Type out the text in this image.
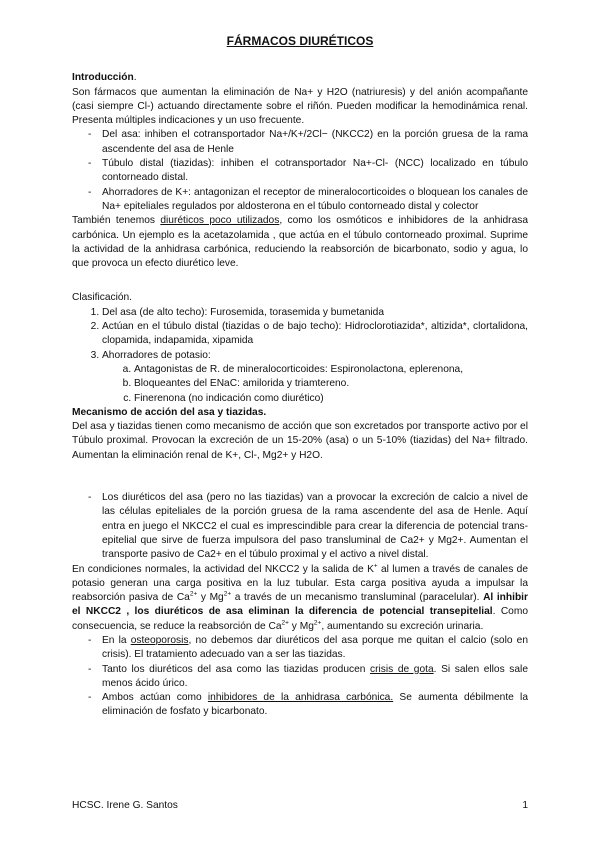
FÁRMACOS DIURÉTICOS

Introducción.

Son fármacos que aumentan la eliminación de Na+ y H2O (natriuresis) y del anión acompañante (casi siempre Cl-) actuando directamente sobre el riñón. Pueden modificar la hemodinámica renal. Presenta múltiples indicaciones y un uso frecuente.

- Del asa: inhiben el cotransportador Na+/K+/2Cl− (NKCC2) en la porción gruesa de la rama ascendente del asa de Henle
- Túbulo distal (tiazidas): inhiben el cotransportador Na+-Cl- (NCC) localizado en túbulo contorneado distal.
- Ahorradores de K+: antagonizan el receptor de mineralocorticoides o bloquean los canales de Na+ epiteliales regulados por aldosterona en el túbulo contorneado distal y colector

También tenemos diuréticos poco utilizados, como los osmóticos e inhibidores de la anhidrasa carbónica. Un ejemplo es la acetazolamida , que actúa en el túbulo contorneado proximal. Suprime la actividad de la anhidrasa carbónica, reduciendo la reabsorción de bicarbonato, sodio y agua, lo que provoca un efecto diurético leve.

Clasificación.

1. Del asa (de alto techo): Furosemida, torasemida y bumetanida
2. Actúan en el túbulo distal (tiazidas o de bajo techo): Hidroclorotiazida*, altizida*, clortalidona, clopamida, indapamida, xipamida
3. Ahorradores de potasio:
a. Antagonistas de R. de mineralocorticoides: Espironolactona, eplerenona,
b. Bloqueantes del ENaC: amilorida y triamtereno.
c. Finerenona (no indicación como diurético)

Mecanismo de acción del asa y tiazidas.

Del asa y tiazidas tienen como mecanismo de acción que son excretados por transporte activo por el Túbulo proximal. Provocan la excreción de un 15-20% (asa) o un 5-10% (tiazidas) del Na+ filtrado. Aumentan la eliminación renal de K+, Cl-, Mg2+ y H2O.

- Los diuréticos del asa (pero no las tiazidas) van a provocar la excreción de calcio a nivel de las células epiteliales de la porción gruesa de la rama ascendente del asa de Henle. Aquí entra en juego el NKCC2 el cual es imprescindible para crear la diferencia de potencial trans-epitelial que sirve de fuerza impulsora del paso transluminal de Ca2+ y Mg2+. Aumentan el transporte pasivo de Ca2+ en el túbulo proximal y el activo a nivel distal.

En condiciones normales, la actividad del NKCC2 y la salida de K+ al lumen a través de canales de potasio generan una carga positiva en la luz tubular. Esta carga positiva ayuda a impulsar la reabsorción pasiva de $Ca^{2+}$ y $Mg^{2+}$ a través de un mecanismo transluminal (paracelular). Al inhibir el NKCC2 , los diuréticos de asa eliminan la diferencia de potencial transepitelial. Como consecuencia, se reduce la reabsorción de $Ca^{2+}$ y $Mg^{2+}$, aumentando su excreción urinaria.

- En la osteoporosis, no debemos dar diuréticos del asa porque me quitan el calcio (solo en crisis). El tratamiento adecuado van a ser las tiazidas.
- Tanto los diuréticos del asa como las tiazidas producen crisis de gota. Si salen ellos sale menos ácido úrico.
- Ambos actúan como inhibidores de la anhidrasa carbónica. Se aumenta débilmente la eliminación de fosfato y bicarbonato.
HCSC. Irene G. Santos	1
